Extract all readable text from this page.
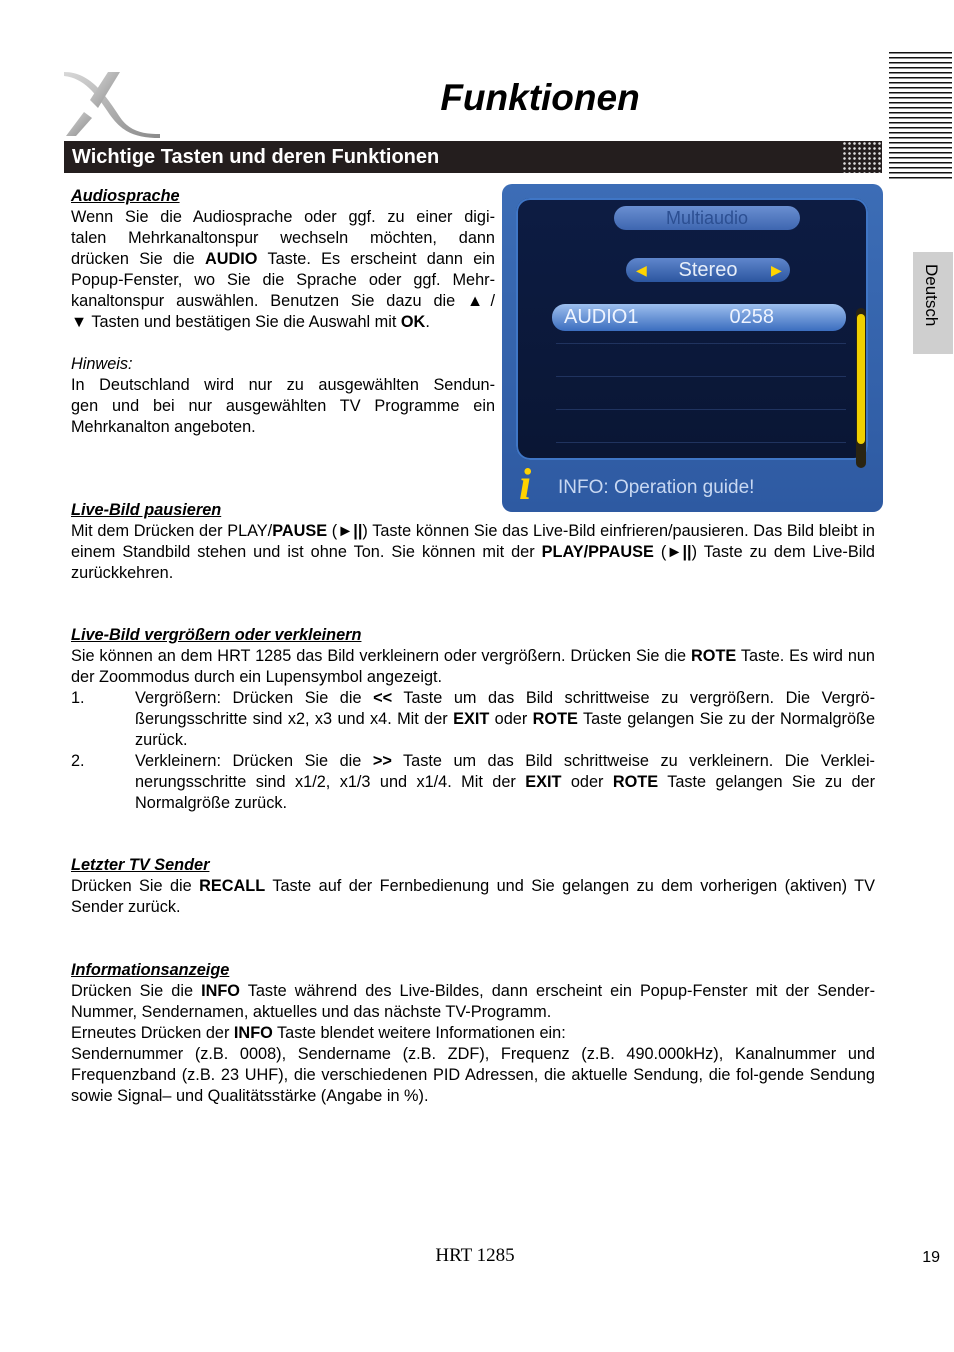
Funktionen
Wichtige Tasten und deren Funktionen
Deutsch
Audiosprache
Wenn Sie die Audiosprache oder ggf. zu einer digi-
talen Mehrkanaltonspur wechseln möchten, dann
drücken Sie die AUDIO Taste. Es erscheint dann ein
Popup-Fenster, wo Sie die Sprache oder ggf. Mehr-
kanaltonspur auswählen. Benutzen Sie dazu die ▲/
▼ Tasten und bestätigen Sie die Auswahl mit OK.
Hinweis:
In Deutschland wird nur zu ausgewählten Sendun-
gen und bei nur ausgewählten TV Programme ein
Mehrkanalton angeboten.
Multiaudio
Stereo
◀	▶
AUDIO1	0258
i	INFO: Operation guide!
Live-Bild pausieren
Mit dem Drücken der PLAY/PAUSE (►||) Taste können Sie das Live-Bild einfrieren/pausieren. Das Bild bleibt in einem Standbild stehen und ist ohne Ton. Sie können mit der PLAY/PPAUSE (►||) Taste zu dem Live-Bild zurückkehren.
Live-Bild vergrößern oder verkleinern
Sie können an dem HRT 1285 das Bild verkleinern oder vergrößern. Drücken Sie die ROTE Taste. Es wird nun der Zoommodus durch ein Lupensymbol angezeigt.
1.	Vergrößern: Drücken Sie die << Taste um das Bild schrittweise zu vergrößern. Die Vergrö-ßerungsschritte sind x2, x3 und x4. Mit der EXIT oder ROTE Taste gelangen Sie zu der Normalgröße zurück.
2.	Verkleinern: Drücken Sie die >> Taste um das Bild schrittweise zu verkleinern. Die Verklei-nerungsschritte sind x1/2, x1/3 und x1/4. Mit der EXIT oder ROTE Taste gelangen Sie zu der Normalgröße zurück.
Letzter TV Sender
Drücken Sie die RECALL Taste auf der Fernbedienung und Sie gelangen zu dem vorherigen (aktiven) TV Sender zurück.
Informationsanzeige
Drücken Sie die INFO Taste während des Live-Bildes, dann erscheint ein Popup-Fenster mit der Sender-Nummer, Sendernamen, aktuelles und das nächste TV-Programm.
Erneutes Drücken der INFO Taste blendet weitere Informationen ein:
Sendernummer (z.B. 0008), Sendername (z.B. ZDF), Frequenz (z.B. 490.000kHz), Kanalnummer und Frequenzband (z.B. 23 UHF), die verschiedenen PID Adressen, die aktuelle Sendung, die fol-gende Sendung sowie Signal– und Qualitätsstärke (Angabe in %).
HRT 1285	19
